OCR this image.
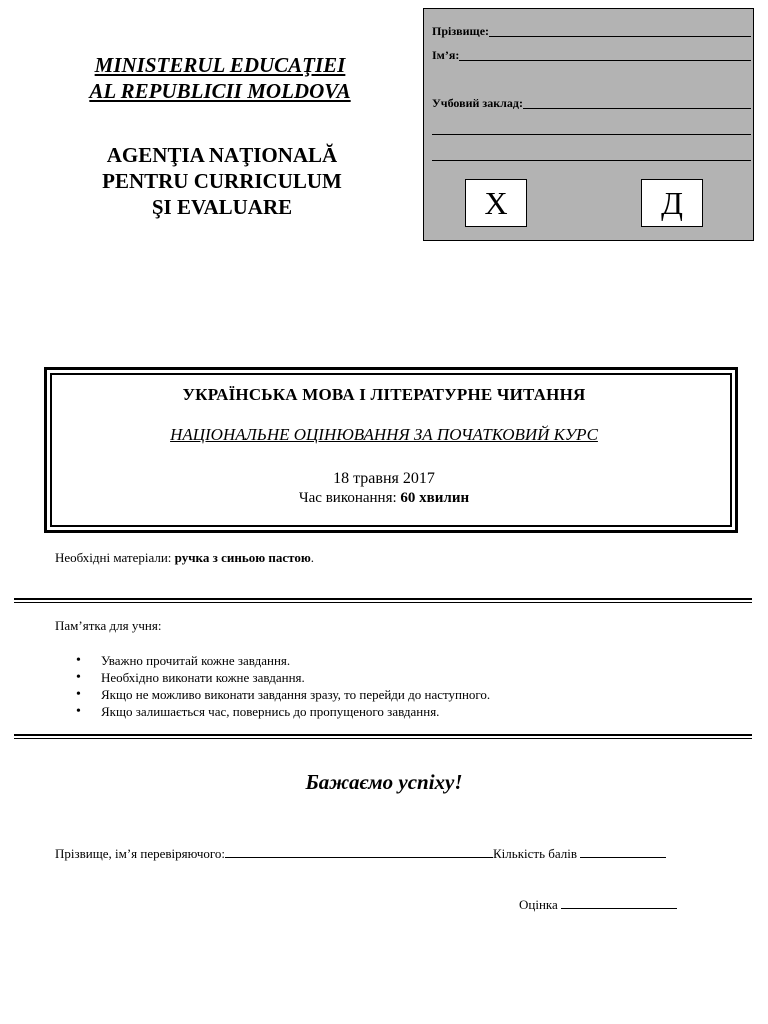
MINISTERUL EDUCAŢIEI
AL REPUBLICII MOLDOVA
AGENŢIA NAŢIONALĂ
PENTRU CURRICULUM
ŞI EVALUARE
Прізвище:
Ім’я:
Учбовий заклад:
Х	Д
УКРАЇНСЬКА МОВА І ЛІТЕРАТУРНЕ ЧИТАННЯ
НАЦІОНАЛЬНЕ ОЦІНЮВАННЯ ЗА ПОЧАТКОВИЙ КУРС
18 травня 2017
Час виконання: 60 хвилин
Необхідні матеріали: ручка з синьою пастою.
Пам’ятка для учня:
• Уважно прочитай кожне завдання.
• Необхідно виконати кожне завдання.
• Якщо не можливо виконати завдання зразу, то перейди до наступного.
• Якщо залишається час, повернись до пропущеного завдання.
Бажаємо успіху!
Прізвище, ім’я перевіряючого:	Кількість балів
Оцінка
